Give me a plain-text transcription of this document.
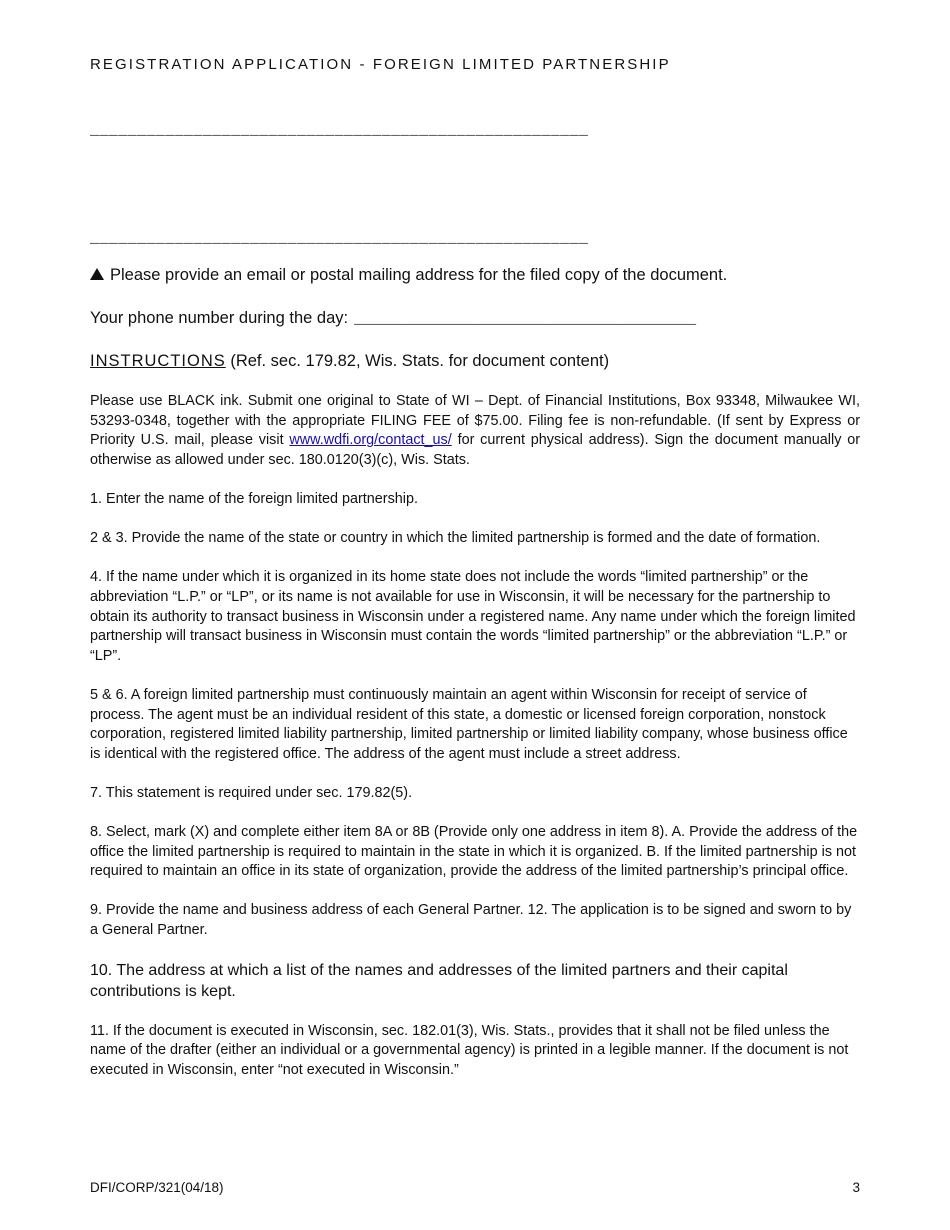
REGISTRATION APPLICATION - FOREIGN LIMITED PARTNERSHIP
_____________________________________________________
_____________________________________________________
Please provide an email or postal mailing address for the filed copy of the document.
Your phone number during the day: ______________________________________
INSTRUCTIONS (Ref. sec. 179.82, Wis. Stats. for document content)

Please use BLACK ink. Submit one original to State of WI – Dept. of Financial Institutions, Box 93348, Milwaukee WI, 53293-0348, together with the appropriate FILING FEE of $75.00. Filing fee is non-refundable. (If sent by Express or Priority U.S. mail, please visit www.wdfi.org/contact_us/ for current physical address). Sign the document manually or otherwise as allowed under sec. 180.0120(3)(c), Wis. Stats.

1. Enter the name of the foreign limited partnership.

2 & 3. Provide the name of the state or country in which the limited partnership is formed and the date of formation.

4. If the name under which it is organized in its home state does not include the words “limited partnership” or the abbreviation “L.P.” or “LP”, or its name is not available for use in Wisconsin, it will be necessary for the partnership to obtain its authority to transact business in Wisconsin under a registered name. Any name under which the foreign limited partnership will transact business in Wisconsin must contain the words “limited partnership” or the abbreviation “L.P.” or “LP”.

5 & 6. A foreign limited partnership must continuously maintain an agent within Wisconsin for receipt of service of process. The agent must be an individual resident of this state, a domestic or licensed foreign corporation, nonstock corporation, registered limited liability partnership, limited partnership or limited liability company, whose business office is identical with the registered office. The address of the agent must include a street address.

7. This statement is required under sec. 179.82(5).

8. Select, mark (X) and complete either item 8A or 8B (Provide only one address in item 8). A. Provide the address of the office the limited partnership is required to maintain in the state in which it is organized. B. If the limited partnership is not required to maintain an office in its state of organization, provide the address of the limited partnership’s principal office.

9. Provide the name and business address of each General Partner. 12. The application is to be signed and sworn to by a General Partner.

10. The address at which a list of the names and addresses of the limited partners and their capital contributions is kept.

11. If the document is executed in Wisconsin, sec. 182.01(3), Wis. Stats., provides that it shall not be filed unless the name of the drafter (either an individual or a governmental agency) is printed in a legible manner. If the document is not executed in Wisconsin, enter “not executed in Wisconsin.”

DFI/CORP/321(04/18)	3
